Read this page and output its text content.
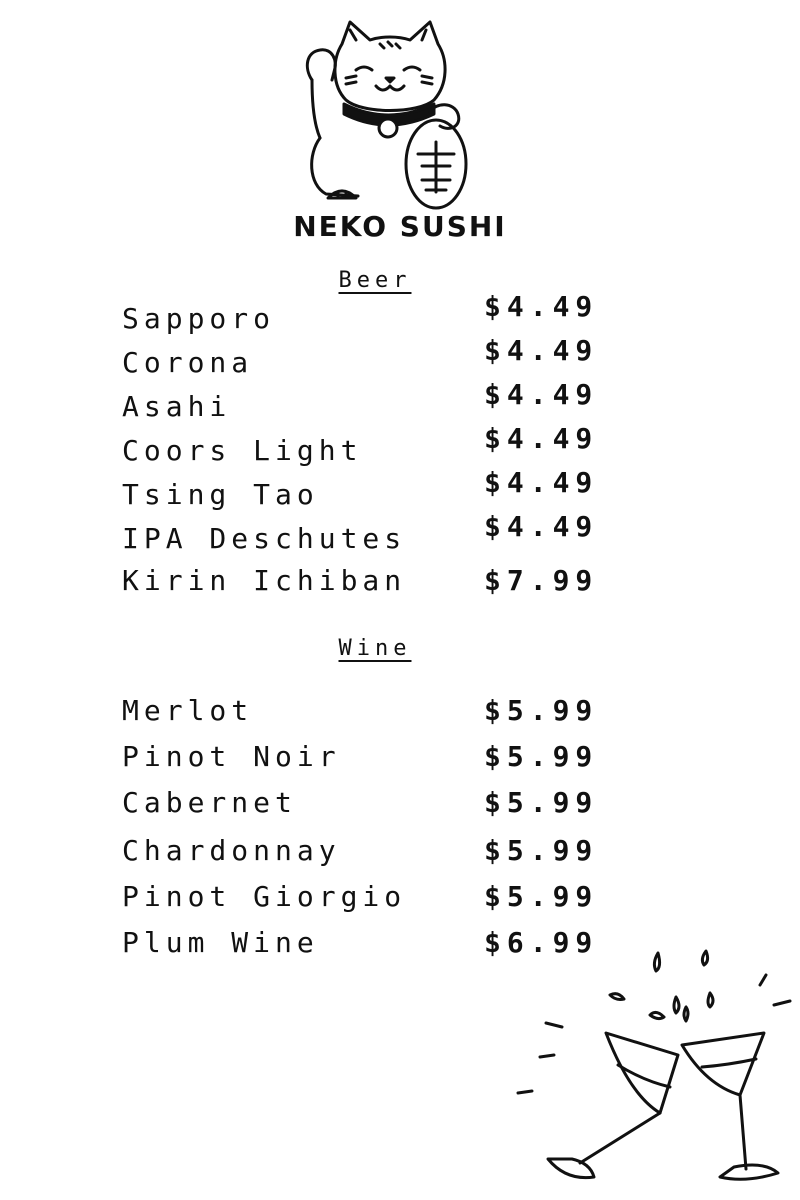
NEKO SUSHI
Beer
Sapporo	$4.49
Corona	$4.49
Asahi	$4.49
Coors Light	$4.49
Tsing Tao	$4.49
IPA Deschutes	$4.49
Kirin Ichiban	$7.99
Wine
Merlot	$5.99
Pinot Noir	$5.99
Cabernet	$5.99
Chardonnay	$5.99
Pinot Giorgio	$5.99
Plum Wine	$6.99
